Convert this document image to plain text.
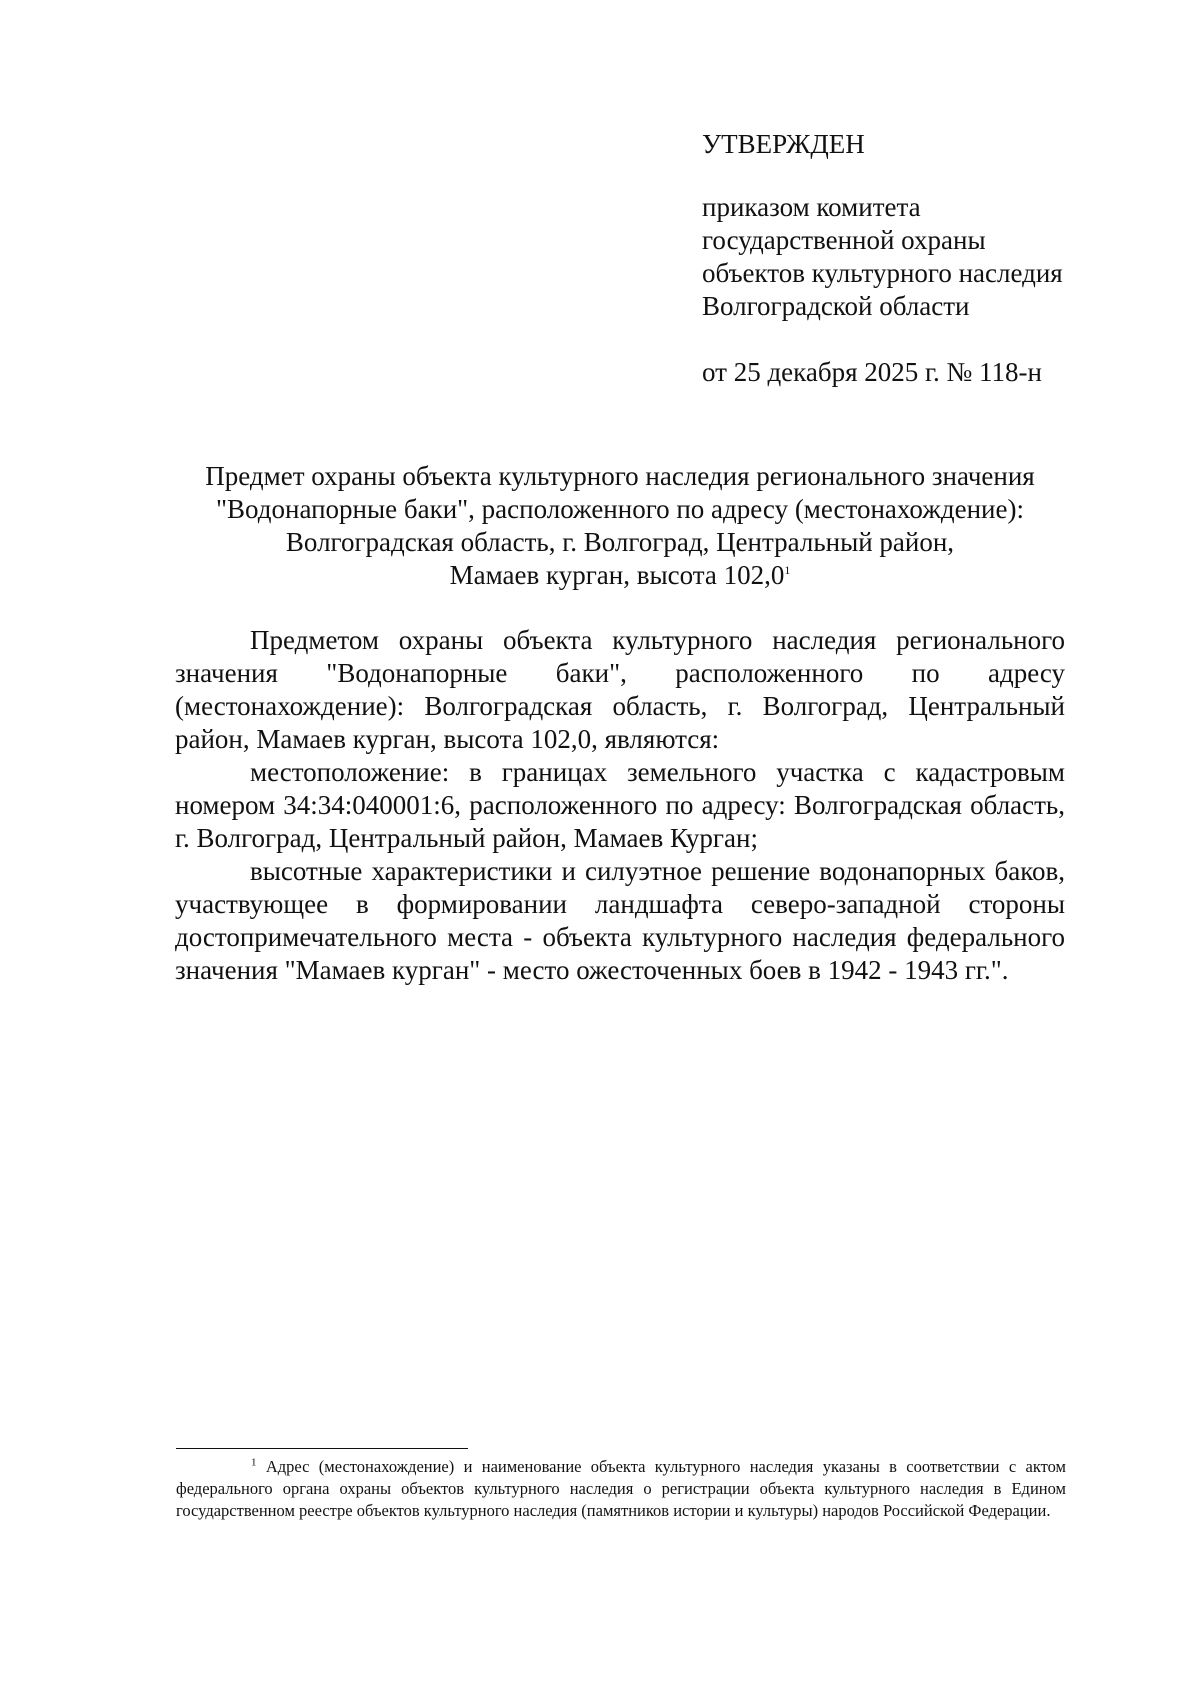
УТВЕРЖДЕН
приказом комитета
государственной охраны
объектов культурного наследия
Волгоградской области
от 25 декабря 2025 г. № 118-н
Предмет охраны объекта культурного наследия регионального значения
"Водонапорные баки", расположенного по адресу (местонахождение):
Волгоградская область, г. Волгоград, Центральный район,
Мамаев курган, высота 102,0$^1$

Предметом охраны объекта культурного наследия регионального значения "Водонапорные баки", расположенного по адресу (местонахождение): Волгоградская область, г. Волгоград, Центральный район, Мамаев курган, высота 102,0, являются:

местоположение: в границах земельного участка с кадастровым номером 34:34:040001:6, расположенного по адресу: Волгоградская область, г. Волгоград, Центральный район, Мамаев Курган;

высотные характеристики и силуэтное решение водонапорных баков, участвующее в формировании ландшафта северо-западной стороны достопримечательного места - объекта культурного наследия федерального значения "Мамаев курган" - место ожесточенных боев в 1942 - 1943 гг.".

$^1$ Адрес (местонахождение) и наименование объекта культурного наследия указаны в соответствии с актом федерального органа охраны объектов культурного наследия о регистрации объекта культурного наследия в Едином государственном реестре объектов культурного наследия (памятников истории и культуры) народов Российской Федерации.
